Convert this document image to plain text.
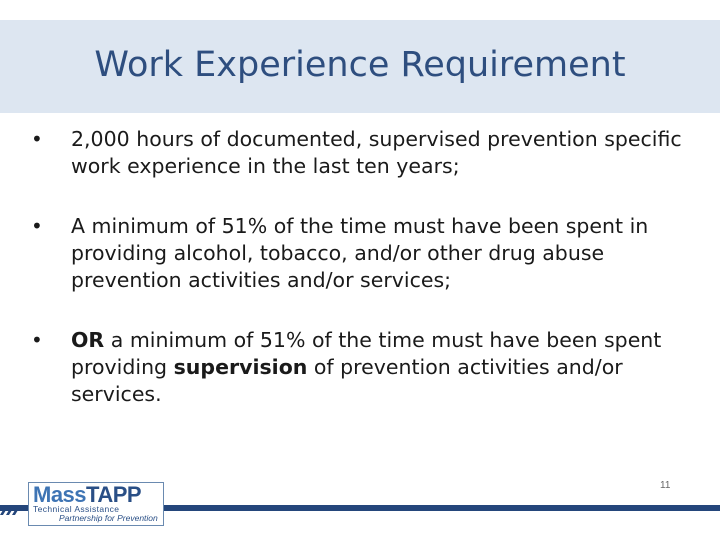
Work Experience Requirement
• 2,000 hours of documented, supervised prevention specific work experience in the last ten years;
• A minimum of 51% of the time must have been spent in providing alcohol, tobacco, and/or other drug abuse prevention activities and/or services;
• OR a minimum of 51% of the time must have been spent providing supervision of prevention activities and/or services.
MassTAPP
Technical Assistance
Partnership for Prevention
11
